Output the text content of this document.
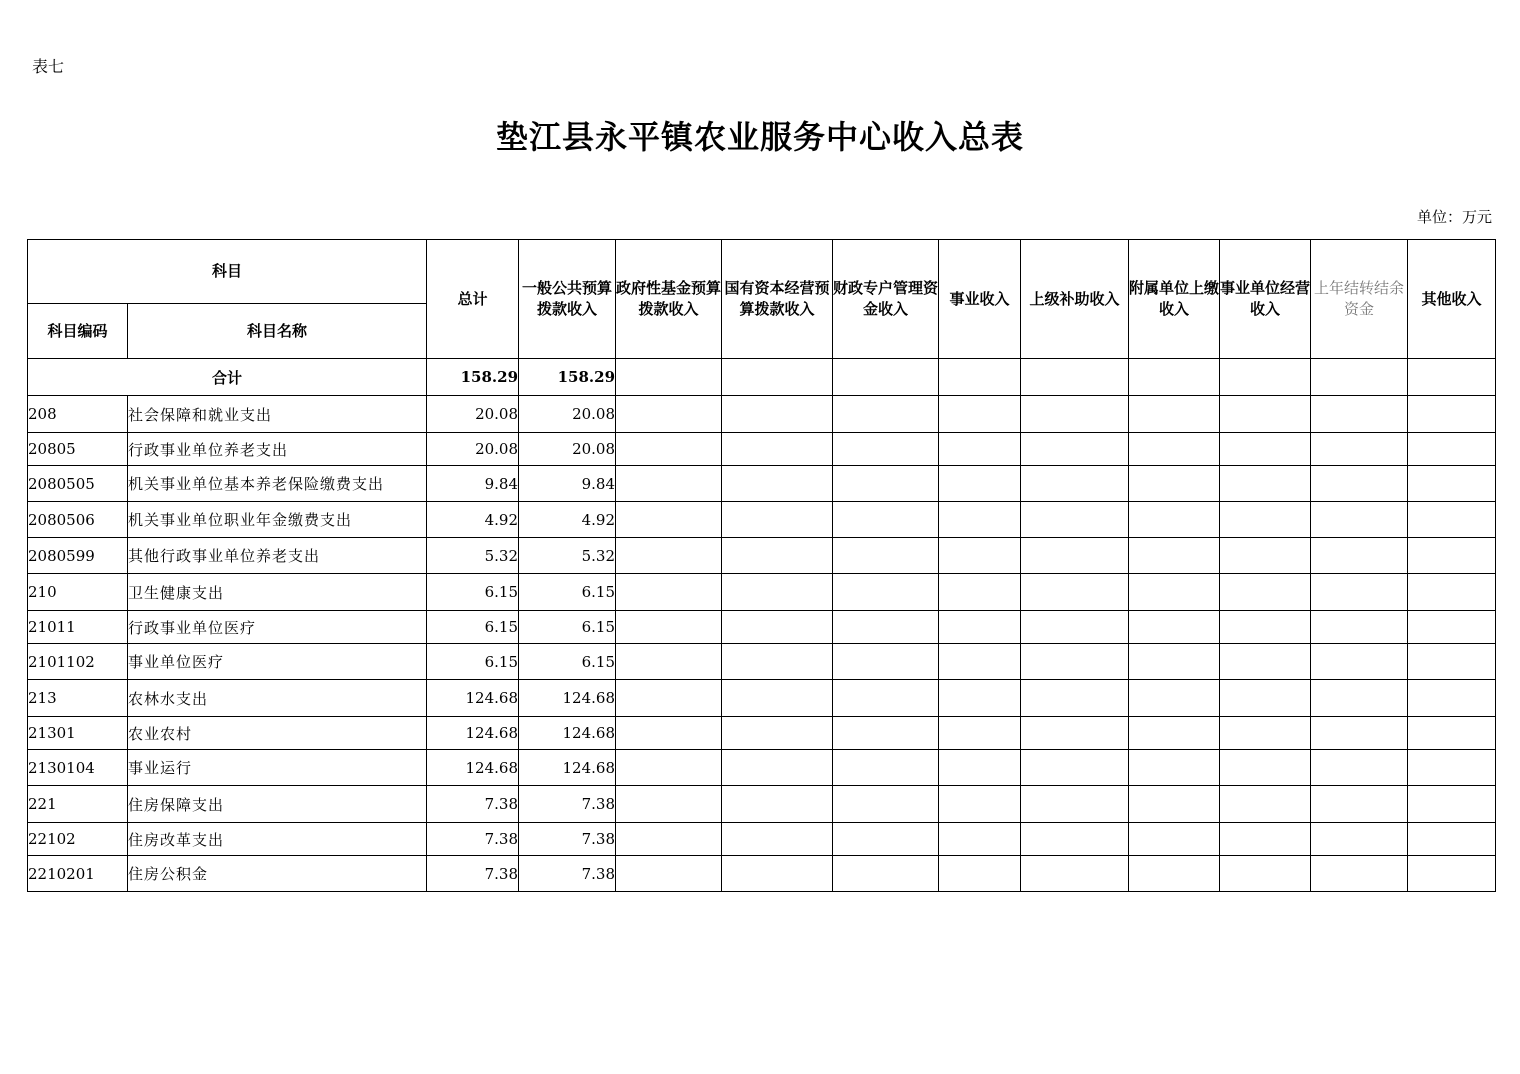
表七
垫江县永平镇农业服务中心收入总表
单位：万元
科目		总计	一般公共预算拨款收入	政府性基金预算拨款收入	国有资本经营预算拨款收入	财政专户管理资金收入	事业收入	上级补助收入	附属单位上缴收入	事业单位经营收入	上年结转结余资金	其他收入
科目编码	科目名称											
合计		158.29	158.29									
208	社会保障和就业支出	20.08	20.08									
20805	行政事业单位养老支出	20.08	20.08									
2080505	机关事业单位基本养老保险缴费支出	9.84	9.84									
2080506	机关事业单位职业年金缴费支出	4.92	4.92									
2080599	其他行政事业单位养老支出	5.32	5.32									
210	卫生健康支出	6.15	6.15									
21011	行政事业单位医疗	6.15	6.15									
2101102	事业单位医疗	6.15	6.15									
213	农林水支出	124.68	124.68									
21301	农业农村	124.68	124.68									
2130104	事业运行	124.68	124.68									
221	住房保障支出	7.38	7.38									
22102	住房改革支出	7.38	7.38									
2210201	住房公积金	7.38	7.38									
